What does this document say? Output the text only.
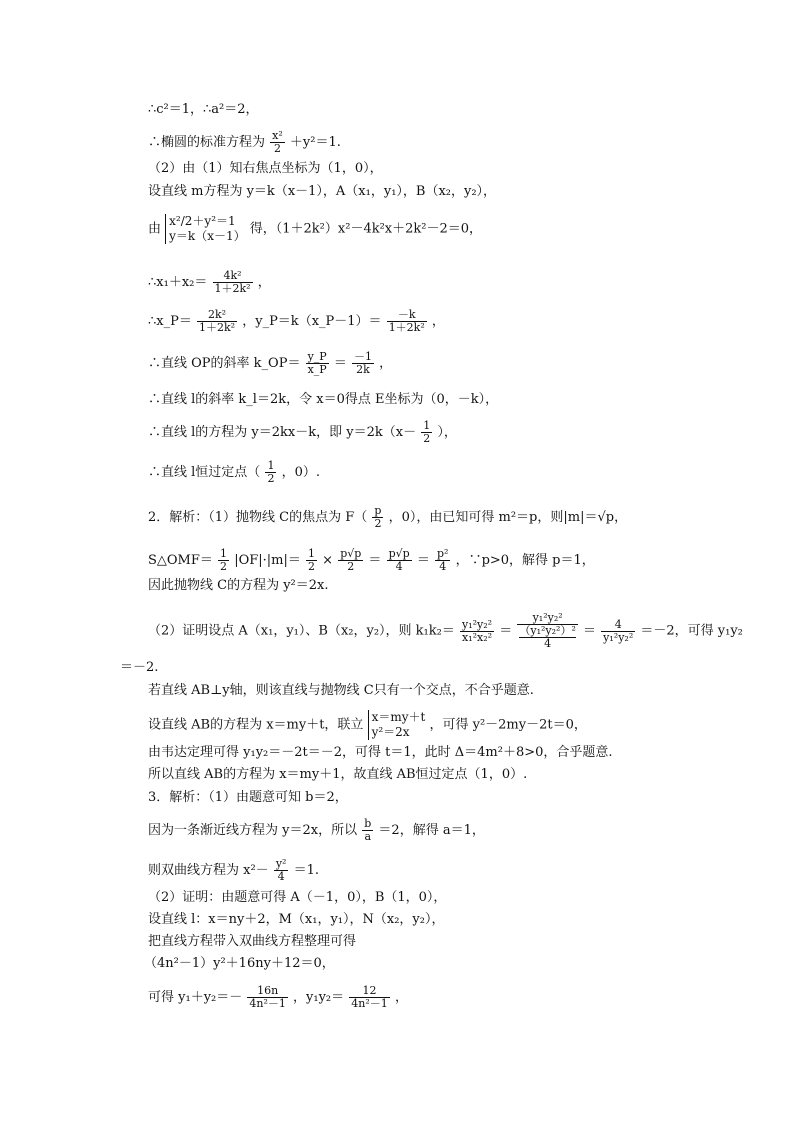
∴c²＝1，∴a²＝2，
∴椭圆的标准方程为 $\frac{\text{x²}}{2} +y^2=1$.
（2）由（1）知右焦点坐标为（1，0），
设直线 m方程为 y＝k（x－1），A（x₁，y₁），B（x₂，y₂），
由
x²/2＋y²＝1
y＝k（x－1） 得，（1＋2k²）x²－4k²x＋2k²－2＝0，
∴x₁＋x₂＝ $\frac{\text{4k²}}{\text{1＋2k²}}$ ，
∴x_P＝ $\frac{\text{2k²}}{\text{1＋2k²}}$ ，y_P＝k（x_P－1）＝ $\frac{-k}{\text{1＋2k²}}$ ，
∴直线 OP的斜率 k_OP＝ $\frac{y\_P}{x\_P} = \frac{-1}{2k}$ ，
∴直线 l的斜率 k_l＝2k，令 x＝0得点 E坐标为（0，－k），
∴直线 l的方程为 y＝2kx－k，即 $y=2k(x- \frac{1}{2}$ ），
∴直线 l恒过定点（ $\frac{1}{2}$ ，0）.
2．解析：（1）抛物线 C的焦点为 $F( \frac{p}{2}$ ，0），由已知可得 m²＝p，则|m|＝√p，
S△OMF＝ $\frac{1}{2} |OF|\cdot|m|= \frac{1}{2} \times \frac{p√p}{2} = \frac{p√p}{4} = \frac{\text{p²}}{4}$ ，∵p>0，解得 p＝1，
因此抛物线 C的方程为 y²＝2x.
（2）证明设点 A（x₁，y₁）、B（x₂，y₂），则 $k_1k_2= \frac{\text{y₁²y₂²}}{\text{x₁²x₂²}} = y_1^2y_2^2$
（y₁²y₂²）²
$4 = \frac{4}{\text{y₁²y₂²}} =-2$，可得 y₁y₂
＝－2.
若直线 AB⊥y轴，则该直线与抛物线 C只有一个交点，不合乎题意.
设直线 AB的方程为 x＝my＋t，联立
x＝my＋t
y²＝2x	，可得 y²－2my－2t＝0，
由韦达定理可得 y₁y₂＝－2t＝－2，可得 t＝1，此时 Δ＝4m²＋8>0，合乎题意.
所以直线 AB的方程为 x＝my＋1，故直线 AB恒过定点（1，0）.
3．解析：（1）由题意可知 b＝2，
因为一条渐近线方程为 y＝2x，所以 $\frac{b}{a} =2$，解得 a＝1，
则双曲线方程为 $x^2- \frac{\text{y²}}{4} =1$.
（2）证明：由题意可得 A（－1，0），B（1，0），
设直线 l：x＝ny＋2，M（x₁，y₁），N（x₂，y₂），
把直线方程带入双曲线方程整理可得
（4n²－1）y²＋16ny＋12＝0，
可得 $y_1+y_2=- \frac{16n}{\text{4n²－1}}$ ，$y_1y_2= \frac{12}{\text{4n²－1}}$ ，
